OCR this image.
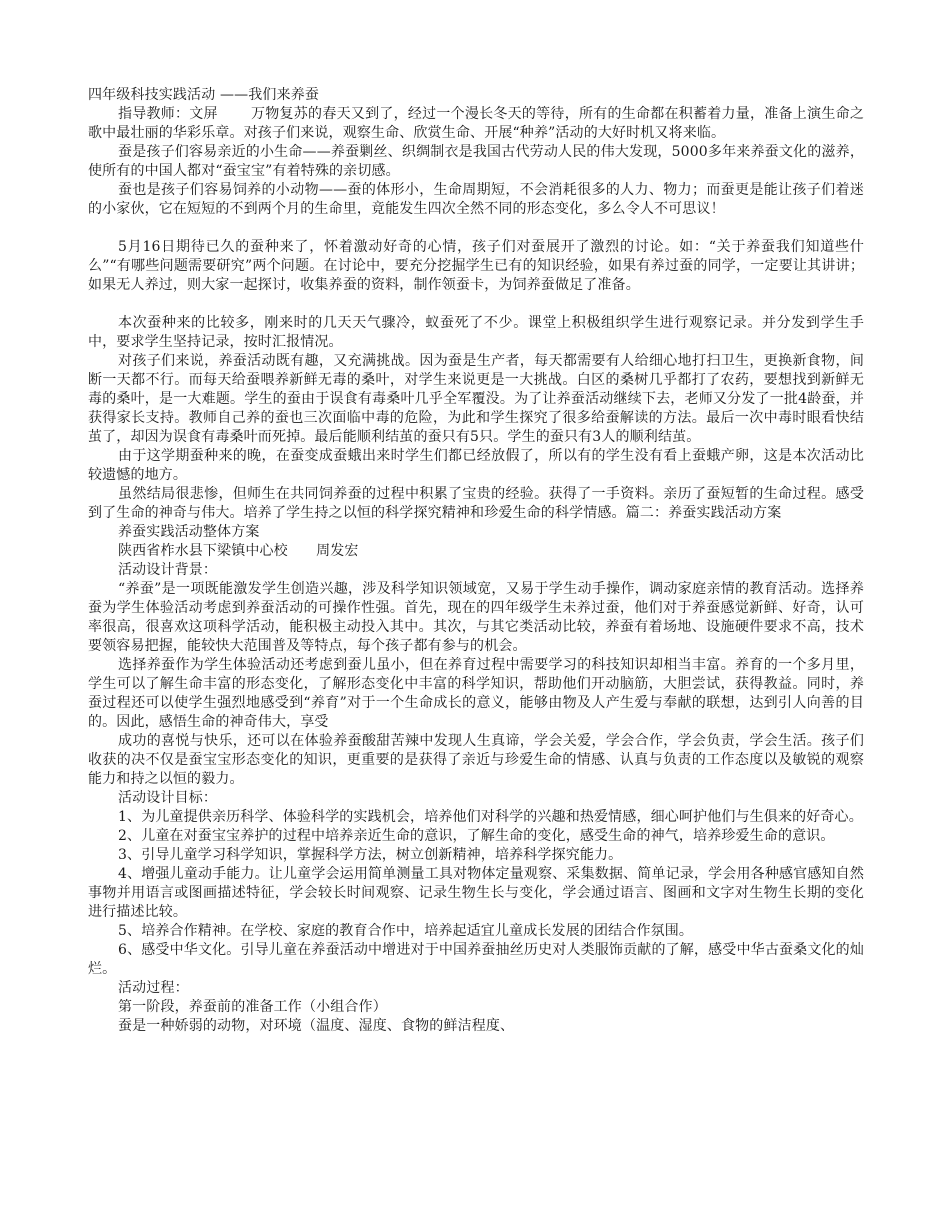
四年级科技实践活动 ——我们来养蚕

指导教师：文屏　　 万物复苏的春天又到了，经过一个漫长冬天的等待，所有的生命都在积蓄着力量，准备上演生命之歌中最壮丽的华彩乐章。对孩子们来说，观察生命、欣赏生命、开展“种养”活动的大好时机又将来临。

蚕是孩子们容易亲近的小生命——养蚕剿丝、织绸制衣是我国古代劳动人民的伟大发现，5000多年来养蚕文化的滋养，使所有的中国人都对“蚕宝宝”有着特殊的亲切感。

蚕也是孩子们容易饲养的小动物——蚕的体形小，生命周期短，不会消耗很多的人力、物力；而蚕更是能让孩子们着迷的小家伙，它在短短的不到两个月的生命里，竟能发生四次全然不同的形态变化，多么令人不可思议！

5月16日期待已久的蚕种来了，怀着激动好奇的心情，孩子们对蚕展开了激烈的讨论。如：“关于养蚕我们知道些什么”“有哪些问题需要研究”两个问题。在讨论中，要充分挖掘学生已有的知识经验，如果有养过蚕的同学，一定要让其讲讲；如果无人养过，则大家一起探讨，收集养蚕的资料，制作领蚕卡，为饲养蚕做足了准备。

本次蚕种来的比较多，刚来时的几天天气骤冷，蚁蚕死了不少。课堂上积极组织学生进行观察记录。并分发到学生手中，要求学生坚持记录，按时汇报情况。

对孩子们来说，养蚕活动既有趣，又充满挑战。因为蚕是生产者，每天都需要有人给细心地打扫卫生，更换新食物，间断一天都不行。而每天给蚕喂养新鲜无毒的桑叶，对学生来说更是一大挑战。白区的桑树几乎都打了农药，要想找到新鲜无毒的桑叶，是一大难题。学生的蚕由于误食有毒桑叶几乎全军覆没。为了让养蚕活动继续下去，老师又分发了一批4龄蚕，并获得家长支持。教师自己养的蚕也三次面临中毒的危险，为此和学生探究了很多给蚕解读的方法。最后一次中毒时眼看快结茧了，却因为误食有毒桑叶而死掉。最后能顺利结茧的蚕只有5只。学生的蚕只有3人的顺利结茧。

由于这学期蚕种来的晚，在蚕变成蚕蛾出来时学生们都已经放假了，所以有的学生没有看上蚕蛾产卵，这是本次活动比较遗憾的地方。

虽然结局很悲惨，但师生在共同饲养蚕的过程中积累了宝贵的经验。获得了一手资料。亲历了蚕短暂的生命过程。感受到了生命的神奇与伟大。培养了学生持之以恒的科学探究精神和珍爱生命的科学情感。篇二：养蚕实践活动方案

养蚕实践活动整体方案

陕西省柞水县下梁镇中心校　　周发宏

活动设计背景：

“养蚕”是一项既能激发学生创造兴趣，涉及科学知识领域宽，又易于学生动手操作，调动家庭亲情的教育活动。选择养蚕为学生体验活动考虑到养蚕活动的可操作性强。首先，现在的四年级学生未养过蚕，他们对于养蚕感觉新鲜、好奇，认可率很高，很喜欢这项科学活动，能积极主动投入其中。其次，与其它类活动比较，养蚕有着场地、设施硬件要求不高，技术要领容易把握，能较快大范围普及等特点，每个孩子都有参与的机会。

选择养蚕作为学生体验活动还考虑到蚕儿虽小，但在养育过程中需要学习的科技知识却相当丰富。养育的一个多月里，学生可以了解生命丰富的形态变化，了解形态变化中丰富的科学知识，帮助他们开动脑筋，大胆尝试，获得教益。同时，养蚕过程还可以使学生强烈地感受到“养育”对于一个生命成长的意义，能够由物及人产生爱与奉献的联想，达到引人向善的目的。因此，感悟生命的神奇伟大，享受

成功的喜悦与快乐，还可以在体验养蚕酸甜苦辣中发现人生真谛，学会关爱，学会合作，学会负责，学会生活。孩子们收获的决不仅是蚕宝宝形态变化的知识，更重要的是获得了亲近与珍爱生命的情感、认真与负责的工作态度以及敏锐的观察能力和持之以恒的毅力。

活动设计目标：

1、为儿童提供亲历科学、体验科学的实践机会，培养他们对科学的兴趣和热爱情感，细心呵护他们与生俱来的好奇心。

2、儿童在对蚕宝宝养护的过程中培养亲近生命的意识，了解生命的变化，感受生命的神气，培养珍爱生命的意识。

3、引导儿童学习科学知识，掌握科学方法，树立创新精神，培养科学探究能力。

4、增强儿童动手能力。让儿童学会运用简单测量工具对物体定量观察、采集数据、简单记录，学会用各种感官感知自然事物并用语言或图画描述特征，学会较长时间观察、记录生物生长与变化，学会通过语言、图画和文字对生物生长期的变化进行描述比较。

5、培养合作精神。在学校、家庭的教育合作中，培养起适宜儿童成长发展的团结合作氛围。

6、感受中华文化。引导儿童在养蚕活动中增进对于中国养蚕抽丝历史对人类服饰贡献的了解，感受中华古蚕桑文化的灿烂。

活动过程：

第一阶段，养蚕前的准备工作（小组合作）

蚕是一种娇弱的动物，对环境（温度、湿度、食物的鲜洁程度、
